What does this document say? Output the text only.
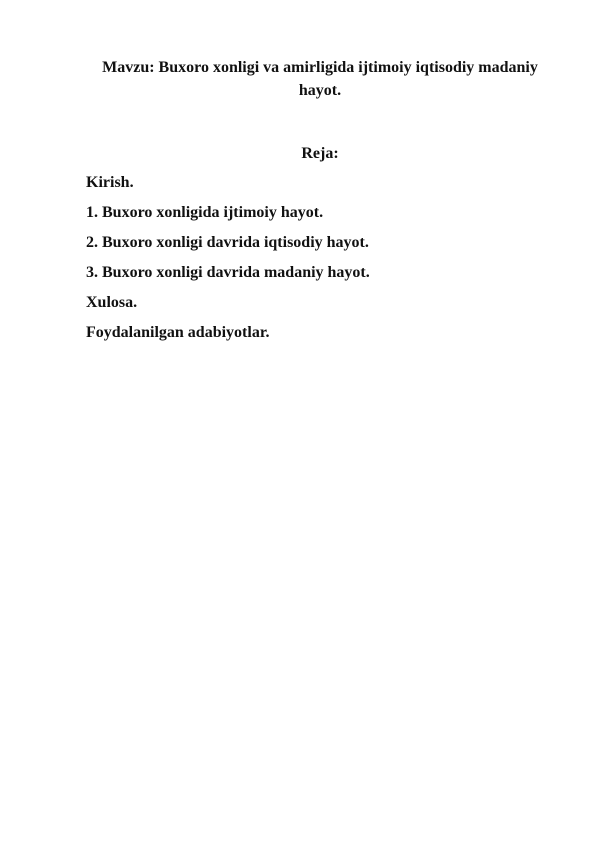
Mavzu: Buxoro xonligi va amirligida ijtimoiy iqtisodiy madaniy hayot.

Reja:

Kirish.
1. Buxoro xonligida ijtimoiy hayot.
2. Buxoro xonligi davrida iqtisodiy hayot.
3. Buxoro xonligi davrida madaniy hayot.
Xulosa.
Foydalanilgan adabiyotlar.
